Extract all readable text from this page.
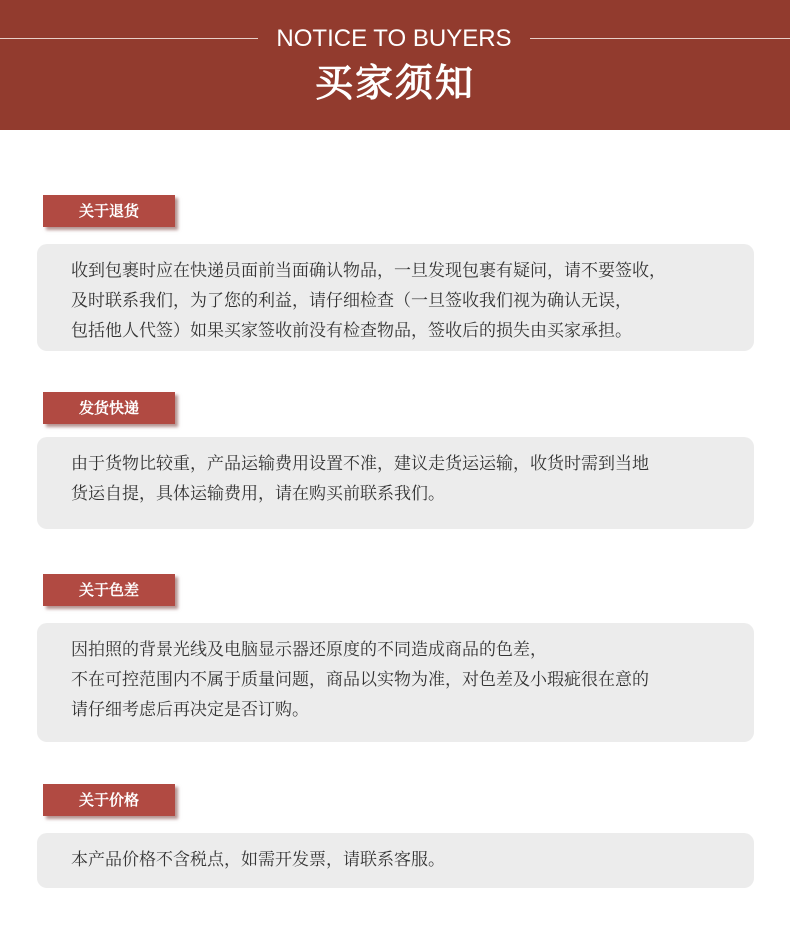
NOTICE TO BUYERS
买家须知
关于退货

收到包裹时应在快递员面前当面确认物品，一旦发现包裹有疑问，请不要签收，

及时联系我们，为了您的利益，请仔细检查（一旦签收我们视为确认无误，

包括他人代签）如果买家签收前没有检查物品，签收后的损失由买家承担。

发货快递

由于货物比较重，产品运输费用设置不准，建议走货运运输，收货时需到当地

货运自提，具体运输费用，请在购买前联系我们。

关于色差

因拍照的背景光线及电脑显示器还原度的不同造成商品的色差，

不在可控范围内不属于质量问题，商品以实物为准，对色差及小瑕疵很在意的

请仔细考虑后再决定是否订购。

关于价格

本产品价格不含税点，如需开发票，请联系客服。
